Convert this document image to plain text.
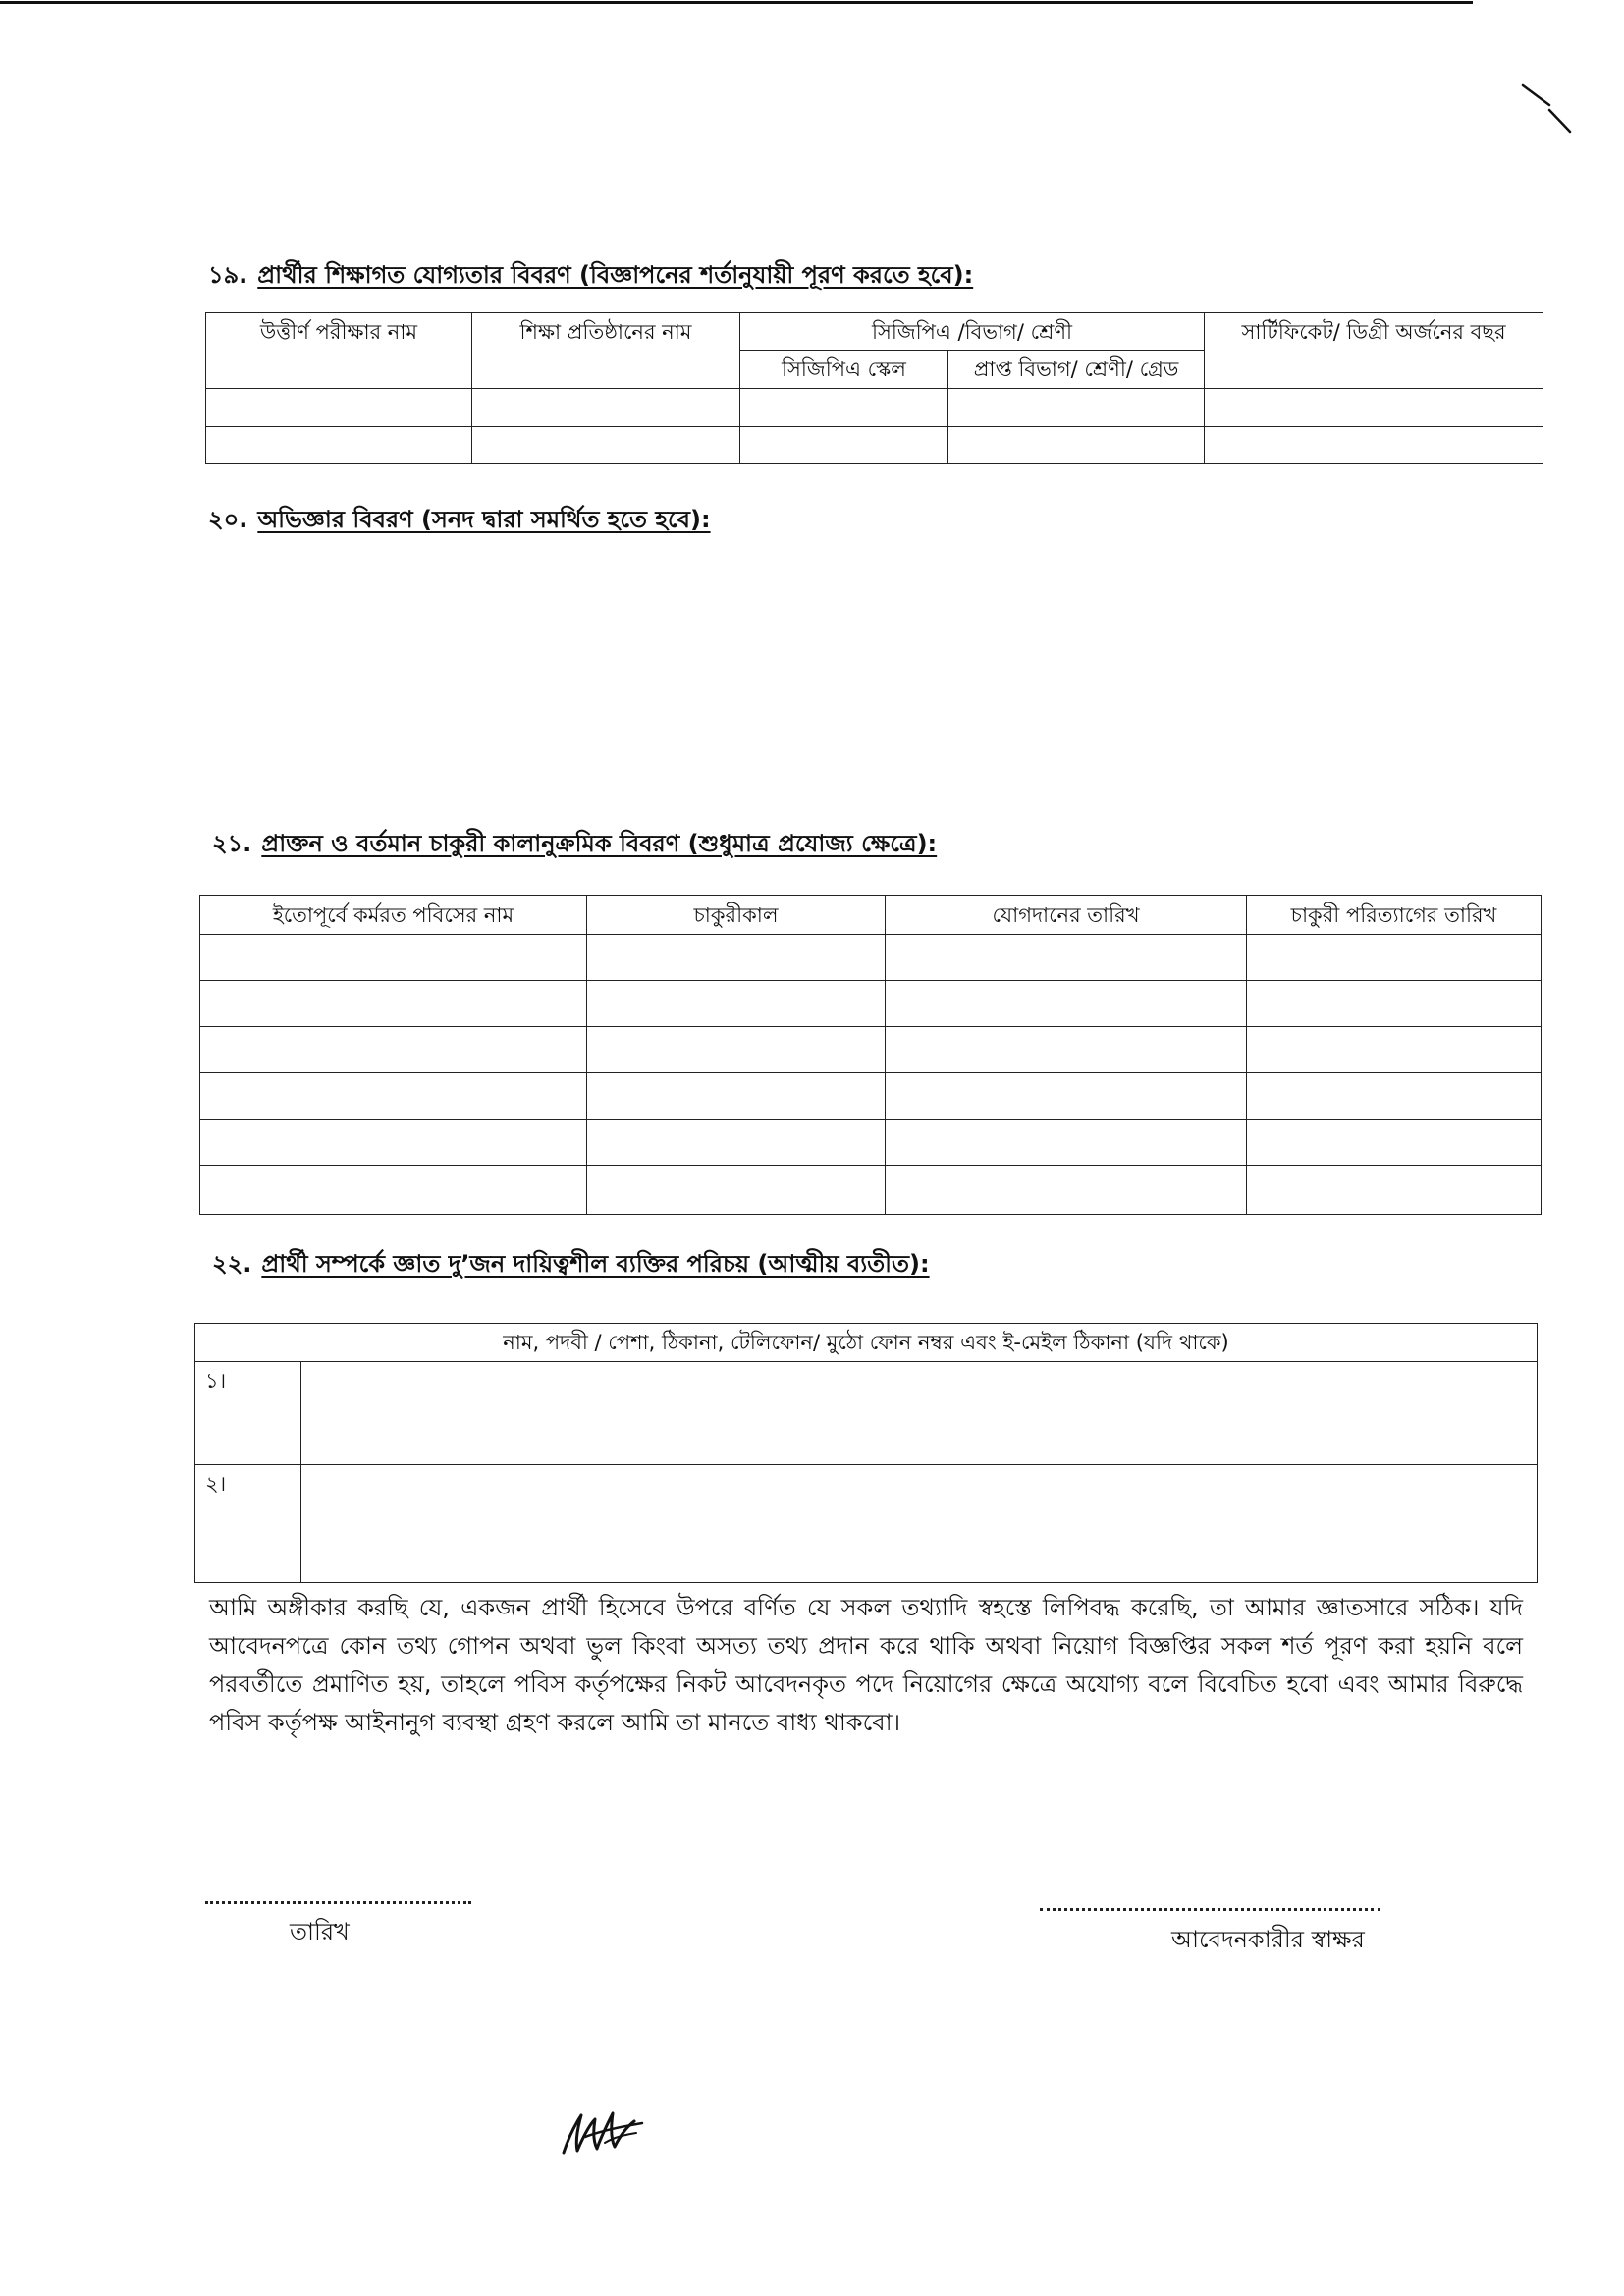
১৯. প্রার্থীর শিক্ষাগত যোগ্যতার বিবরণ (বিজ্ঞাপনের শর্তানুযায়ী পূরণ করতে হবে):
উত্তীর্ণ পরীক্ষার নাম	শিক্ষা প্রতিষ্ঠানের নাম	সিজিপিএ /বিভাগ/ শ্রেণী		সার্টিফিকেট/ ডিগ্রী অর্জনের বছর
		সিজিপিএ স্কেল	প্রাপ্ত বিভাগ/ শ্রেণী/ গ্রেড	

২০. অভিজ্ঞার বিবরণ (সনদ দ্বারা সমর্থিত হতে হবে):
২১. প্রাক্তন ও বর্তমান চাকুরী কালানুক্রমিক বিবরণ (শুধুমাত্র প্রযোজ্য ক্ষেত্রে):
ইতোপূর্বে কর্মরত পবিসের নাম	চাকুরীকাল	যোগদানের তারিখ	চাকুরী পরিত্যাগের তারিখ

২২. প্রার্থী সম্পর্কে জ্ঞাত দু’জন দায়িত্বশীল ব্যক্তির পরিচয় (আত্মীয় ব্যতীত):
নাম, পদবী / পেশা, ঠিকানা, টেলিফোন/ মুঠো ফোন নম্বর এবং ই-মেইল ঠিকানা (যদি থাকে)	
১।	
২।	

আমি অঙ্গীকার করছি যে, একজন প্রার্থী হিসেবে উপরে বর্ণিত যে সকল তথ্যাদি স্বহস্তে লিপিবদ্ধ করেছি, তা আমার জ্ঞাতসারে সঠিক। যদি আবেদনপত্রে কোন তথ্য গোপন অথবা ভুল কিংবা অসত্য তথ্য প্রদান করে থাকি অথবা নিয়োগ বিজ্ঞপ্তির সকল শর্ত পূরণ করা হয়নি বলে পরবর্তীতে প্রমাণিত হয়, তাহলে পবিস কর্তৃপক্ষের নিকট আবেদনকৃত পদে নিয়োগের ক্ষেত্রে অযোগ্য বলে বিবেচিত হবো এবং আমার বিরুদ্ধে পবিস কর্তৃপক্ষ আইনানুগ ব্যবস্থা গ্রহণ করলে আমি তা মানতে বাধ্য থাকবো।

তারিখ	আবেদনকারীর স্বাক্ষর
